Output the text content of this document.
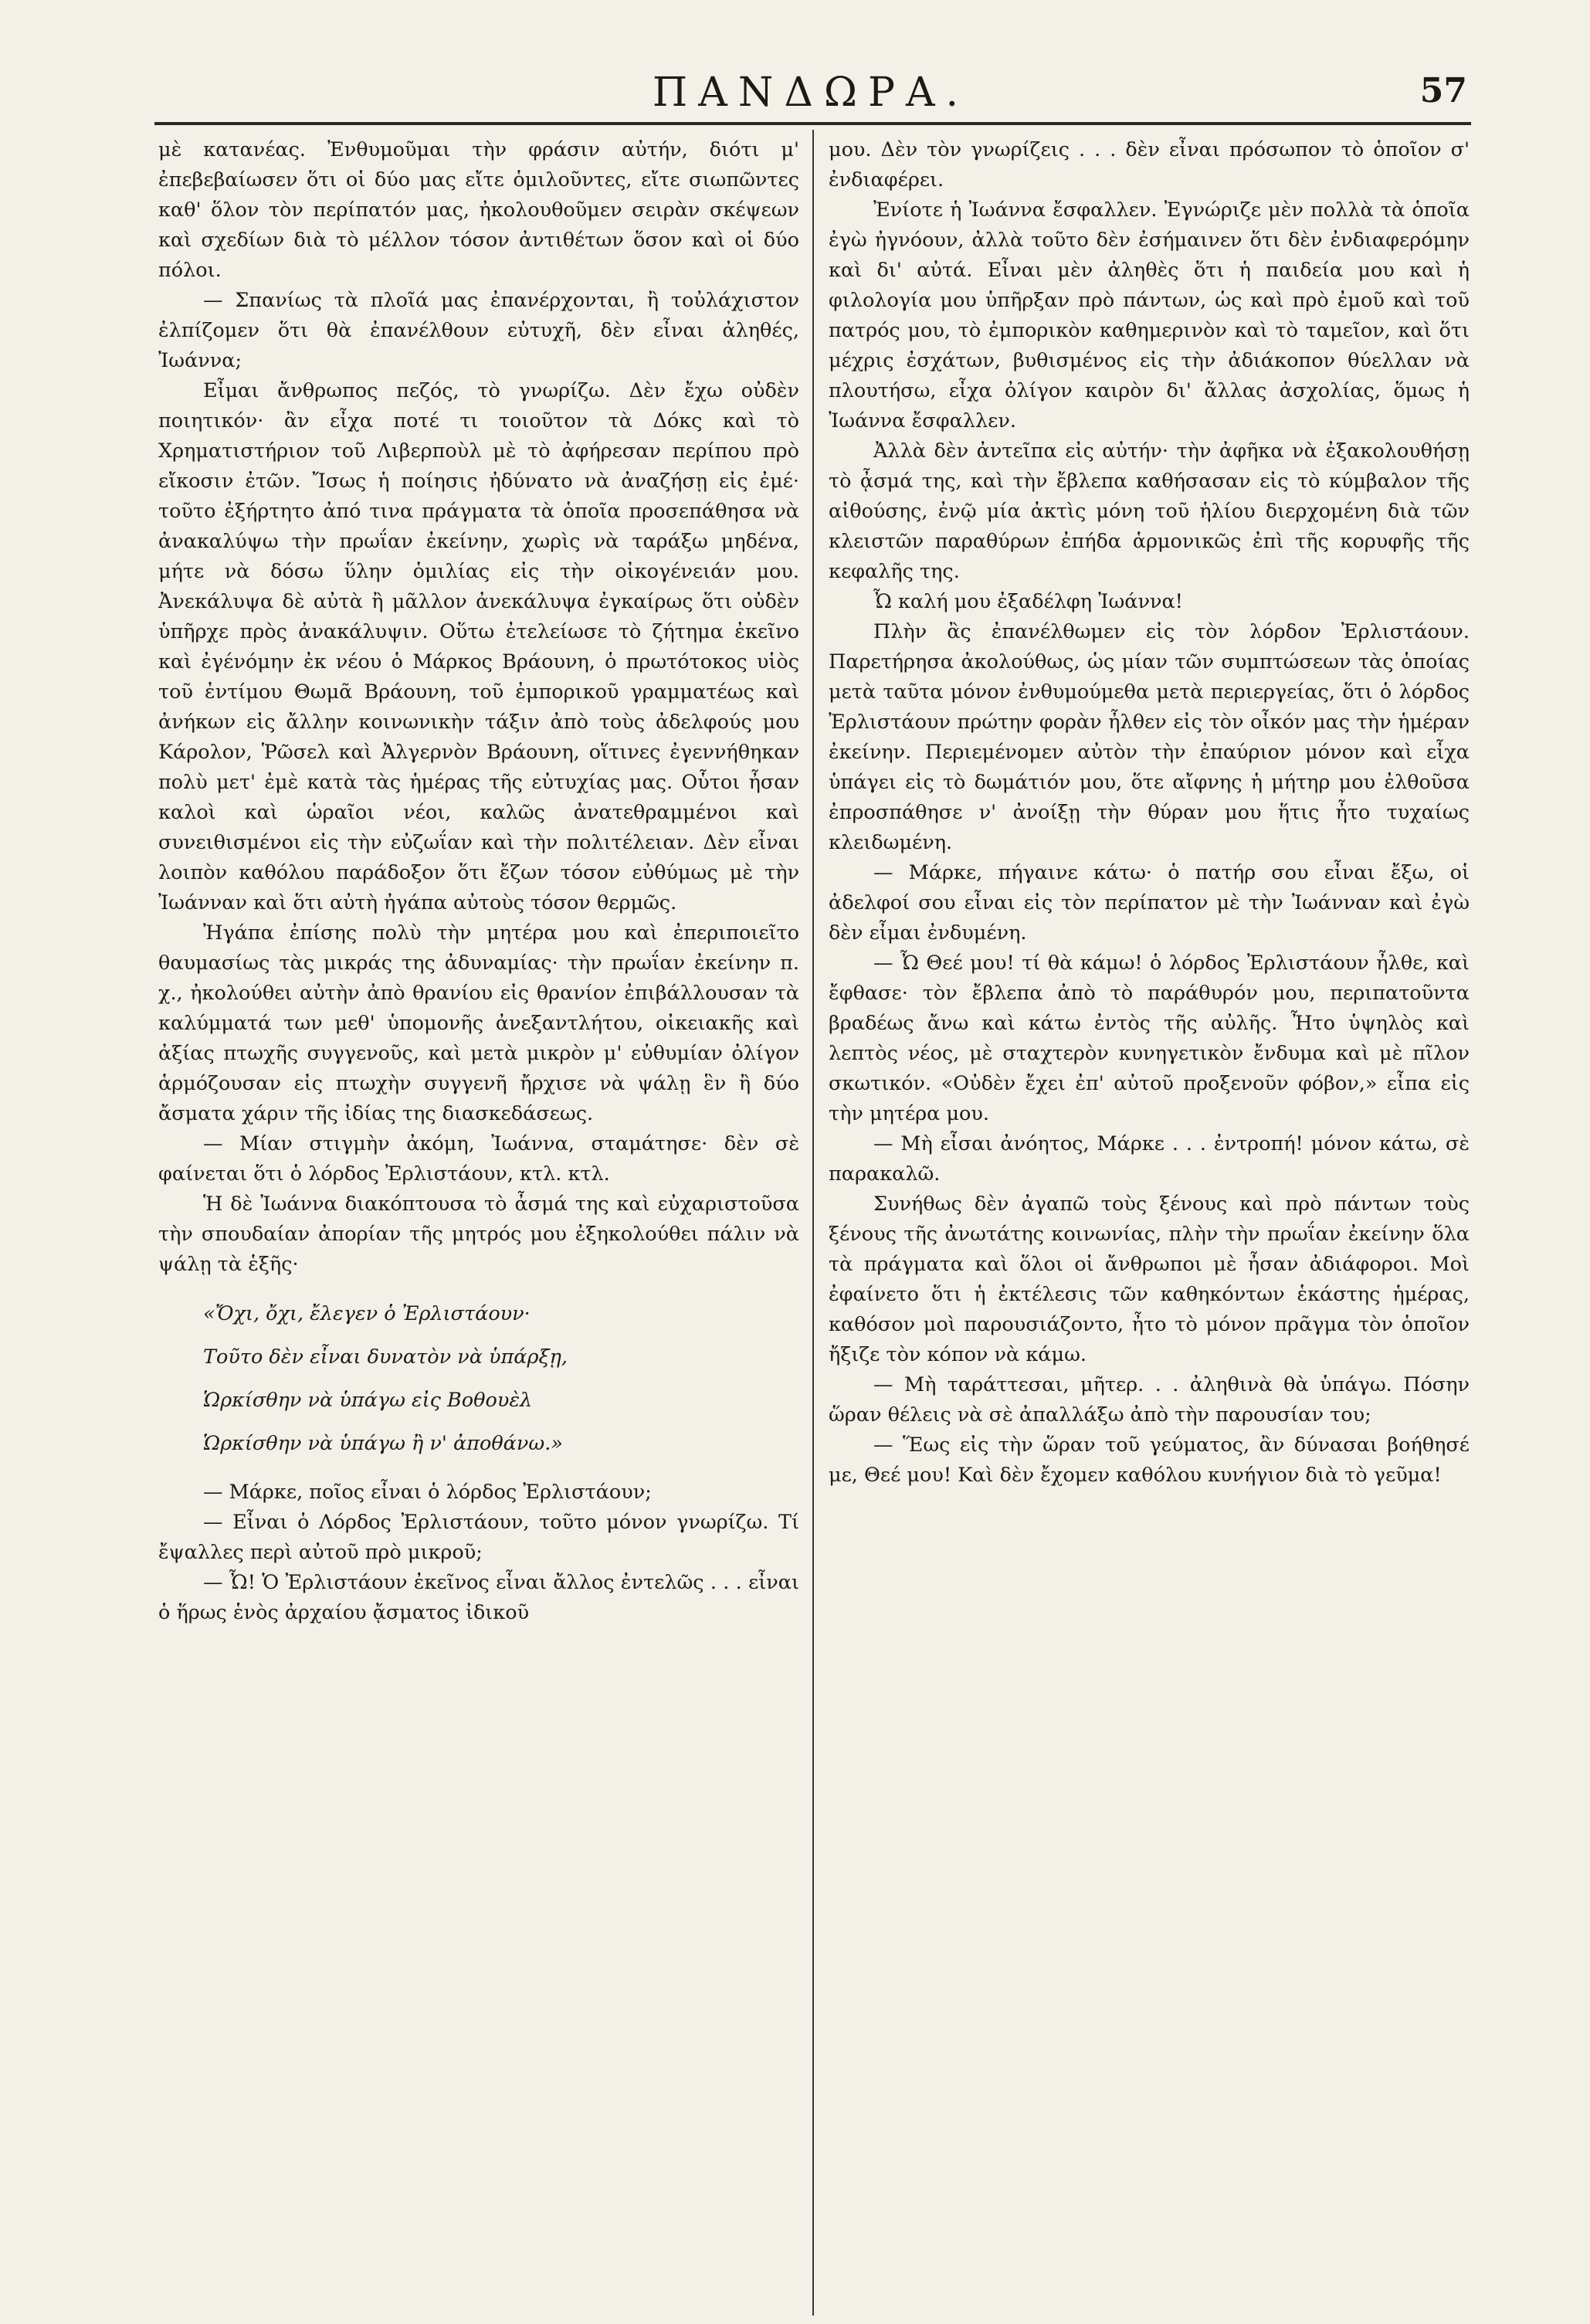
ΠΑΝΔΩΡΑ.	57

μὲ κατανέας. Ἐνθυμοῦμαι τὴν φράσιν αὐτήν, διότι μ' ἐπεβεβαίωσεν ὅτι οἱ δύο μας εἴτε ὁμιλοῦντες, εἴτε σιωπῶντες καθ' ὅλον τὸν περίπατόν μας, ἠκολουθοῦμεν σειρὰν σκέψεων καὶ σχεδίων διὰ τὸ μέλλον τόσον ἀντιθέτων ὅσον καὶ οἱ δύο πόλοι.

— Σπανίως τὰ πλοῖά μας ἐπανέρχονται, ἢ τοὐλάχιστον ἐλπίζομεν ὅτι θὰ ἐπανέλθουν εὐτυχῆ, δὲν εἶναι ἀληθές, Ἰωάννα;

Εἶμαι ἄνθρωπος πεζός, τὸ γνωρίζω. Δὲν ἔχω οὐδὲν ποιητικόν· ἂν εἶχα ποτέ τι τοιοῦτον τὰ Δόκς καὶ τὸ Χρηματιστήριον τοῦ Λιβερποὺλ μὲ τὸ ἀφήρεσαν περίπου πρὸ εἴκοσιν ἐτῶν. Ἴσως ἡ ποίησις ἠδύνατο νὰ ἀναζήσῃ εἰς ἐμέ· τοῦτο ἐξήρτητο ἀπό τινα πράγματα τὰ ὁποῖα προσεπάθησα νὰ ἀνακαλύψω τὴν πρωΐαν ἐκείνην, χωρὶς νὰ ταράξω μηδένα, μήτε νὰ δόσω ὕλην ὁμιλίας εἰς τὴν οἰκογένειάν μου. Ἀνεκάλυψα δὲ αὐτὰ ἢ μᾶλλον ἀνεκάλυψα ἐγκαίρως ὅτι οὐδὲν ὑπῆρχε πρὸς ἀνακάλυψιν. Οὕτω ἐτελείωσε τὸ ζήτημα ἐκεῖνο καὶ ἐγένόμην ἐκ νέου ὁ Μάρκος Βράουνη, ὁ πρωτότοκος υἱὸς τοῦ ἐντίμου Θωμᾶ Βράουνη, τοῦ ἐμπορικοῦ γραμματέως καὶ ἀνήκων εἰς ἄλλην κοινωνικὴν τάξιν ἀπὸ τοὺς ἀδελφούς μου Κάρολον, Ῥῶσελ καὶ Ἀλγερνὸν Βράουνη, οἵτινες ἐγεννήθηκαν πολὺ μετ' ἐμὲ κατὰ τὰς ἡμέρας τῆς εὐτυχίας μας. Οὗτοι ἦσαν καλοὶ καὶ ὡραῖοι νέοι, καλῶς ἀνατεθραμμένοι καὶ συνειθισμένοι εἰς τὴν εὐζωΐαν καὶ τὴν πολιτέλειαν. Δὲν εἶναι λοιπὸν καθόλου παράδοξον ὅτι ἔζων τόσον εὐθύμως μὲ τὴν Ἰωάνναν καὶ ὅτι αὐτὴ ἠγάπα αὐτοὺς τόσον θερμῶς.

Ἠγάπα ἐπίσης πολὺ τὴν μητέρα μου καὶ ἐπεριποιεῖτο θαυμασίως τὰς μικράς της ἀδυναμίας· τὴν πρωΐαν ἐκείνην π. χ., ἠκολούθει αὐτὴν ἀπὸ θρανίου εἰς θρανίον ἐπιβάλλουσαν τὰ καλύμματά των μεθ' ὑπομονῆς ἀνεξαντλήτου, οἰκειακῆς καὶ ἀξίας πτωχῆς συγγενοῦς, καὶ μετὰ μικρὸν μ' εὐθυμίαν ὀλίγον ἁρμόζουσαν εἰς πτωχὴν συγγενῆ ἤρχισε νὰ ψάλῃ ἓν ἢ δύο ἄσματα χάριν τῆς ἰδίας της διασκεδάσεως.

— Μίαν στιγμὴν ἀκόμη, Ἰωάννα, σταμάτησε· δὲν σὲ φαίνεται ὅτι ὁ λόρδος Ἐρλιστάουν, κτλ. κτλ.

Ἡ δὲ Ἰωάννα διακόπτουσα τὸ ἆσμά της καὶ εὐχαριστοῦσα τὴν σπουδαίαν ἀπορίαν τῆς μητρός μου ἐξηκολούθει πάλιν νὰ ψάλῃ τὰ ἑξῆς·

«Ὄχι, ὄχι, ἔλεγεν ὁ Ἐρλιστάουν·
Τοῦτο δὲν εἶναι δυνατὸν νὰ ὑπάρξῃ,
Ὡρκίσθην νὰ ὑπάγω εἰς Βοθουὲλ
Ὡρκίσθην νὰ ὑπάγω ἢ ν' ἀποθάνω.»

— Μάρκε, ποῖος εἶναι ὁ λόρδος Ἐρλιστάουν;

— Εἶναι ὁ Λόρδος Ἐρλιστάουν, τοῦτο μόνον γνωρίζω. Τί ἔψαλλες περὶ αὐτοῦ πρὸ μικροῦ;

— Ὦ! Ὁ Ἐρλιστάουν ἐκεῖνος εἶναι ἄλλος ἐντελῶς . . . εἶναι ὁ ἥρως ἑνὸς ἀρχαίου ᾄσματος ἰδικοῦ

μου. Δὲν τὸν γνωρίζεις . . . δὲν εἶναι πρόσωπον τὸ ὁποῖον σ' ἐνδιαφέρει.

Ἐνίοτε ἡ Ἰωάννα ἔσφαλλεν. Ἐγνώριζε μὲν πολλὰ τὰ ὁποῖα ἐγὼ ἠγνόουν, ἀλλὰ τοῦτο δὲν ἐσήμαινεν ὅτι δὲν ἐνδιαφερόμην καὶ δι' αὐτά. Εἶναι μὲν ἀληθὲς ὅτι ἡ παιδεία μου καὶ ἡ φιλολογία μου ὑπῆρξαν πρὸ πάντων, ὡς καὶ πρὸ ἐμοῦ καὶ τοῦ πατρός μου, τὸ ἐμπορικὸν καθημερινὸν καὶ τὸ ταμεῖον, καὶ ὅτι μέχρις ἐσχάτων, βυθισμένος εἰς τὴν ἀδιάκοπον θύελλαν νὰ πλουτήσω, εἶχα ὀλίγον καιρὸν δι' ἄλλας ἀσχολίας, ὅμως ἡ Ἰωάννα ἔσφαλλεν.

Ἀλλὰ δὲν ἀντεῖπα εἰς αὐτήν· τὴν ἀφῆκα νὰ ἐξακολουθήσῃ τὸ ᾆσμά της, καὶ τὴν ἔβλεπα καθήσασαν εἰς τὸ κύμβαλον τῆς αἰθούσης, ἐνῷ μία ἀκτὶς μόνη τοῦ ἡλίου διερχομένη διὰ τῶν κλειστῶν παραθύρων ἐπήδα ἁρμονικῶς ἐπὶ τῆς κορυφῆς τῆς κεφαλῆς της.

Ὦ καλή μου ἐξαδέλφη Ἰωάννα!

Πλὴν ἂς ἐπανέλθωμεν εἰς τὸν λόρδον Ἐρλιστάουν. Παρετήρησα ἀκολούθως, ὡς μίαν τῶν συμπτώσεων τὰς ὁποίας μετὰ ταῦτα μόνον ἐνθυμούμεθα μετὰ περιεργείας, ὅτι ὁ λόρδος Ἐρλιστάουν πρώτην φορὰν ἦλθεν εἰς τὸν οἶκόν μας τὴν ἡμέραν ἐκείνην. Περιεμένομεν αὐτὸν τὴν ἐπαύριον μόνον καὶ εἶχα ὑπάγει εἰς τὸ δωμάτιόν μου, ὅτε αἴφνης ἡ μήτηρ μου ἐλθοῦσα ἐπροσπάθησε ν' ἀνοίξῃ τὴν θύραν μου ἥτις ἦτο τυχαίως κλειδωμένη.

— Μάρκε, πήγαινε κάτω· ὁ πατήρ σου εἶναι ἔξω, οἱ ἀδελφοί σου εἶναι εἰς τὸν περίπατον μὲ τὴν Ἰωάνναν καὶ ἐγὼ δὲν εἶμαι ἐνδυμένη.

— Ὦ Θεέ μου! τί θὰ κάμω! ὁ λόρδος Ἐρλιστάουν ἦλθε, καὶ ἔφθασε· τὸν ἔβλεπα ἀπὸ τὸ παράθυρόν μου, περιπατοῦντα βραδέως ἄνω καὶ κάτω ἐντὸς τῆς αὐλῆς. Ἦτο ὑψηλὸς καὶ λεπτὸς νέος, μὲ σταχτερὸν κυνηγετικὸν ἔνδυμα καὶ μὲ πῖλον σκωτικόν. «Οὐδὲν ἔχει ἐπ' αὐτοῦ προξενοῦν φόβον,» εἶπα εἰς τὴν μητέρα μου.

— Μὴ εἶσαι ἀνόητος, Μάρκε . . . ἐντροπή! μόνον κάτω, σὲ παρακαλῶ.

Συνήθως δὲν ἀγαπῶ τοὺς ξένους καὶ πρὸ πάντων τοὺς ξένους τῆς ἀνωτάτης κοινωνίας, πλὴν τὴν πρωΐαν ἐκείνην ὅλα τὰ πράγματα καὶ ὅλοι οἱ ἄνθρωποι μὲ ἦσαν ἀδιάφοροι. Μοὶ ἐφαίνετο ὅτι ἡ ἐκτέλεσις τῶν καθηκόντων ἑκάστης ἡμέρας, καθόσον μοὶ παρουσιάζοντο, ἦτο τὸ μόνον πρᾶγμα τὸν ὁποῖον ἤξιζε τὸν κόπον νὰ κάμω.

— Μὴ ταράττεσαι, μῆτερ. . . ἀληθινὰ θὰ ὑπάγω. Πόσην ὥραν θέλεις νὰ σὲ ἀπαλλάξω ἀπὸ τὴν παρουσίαν του;

— Ἕως εἰς τὴν ὥραν τοῦ γεύματος, ἂν δύνασαι βοήθησέ με, Θεέ μου! Καὶ δὲν ἔχομεν καθόλου κυνήγιον διὰ τὸ γεῦμα!
